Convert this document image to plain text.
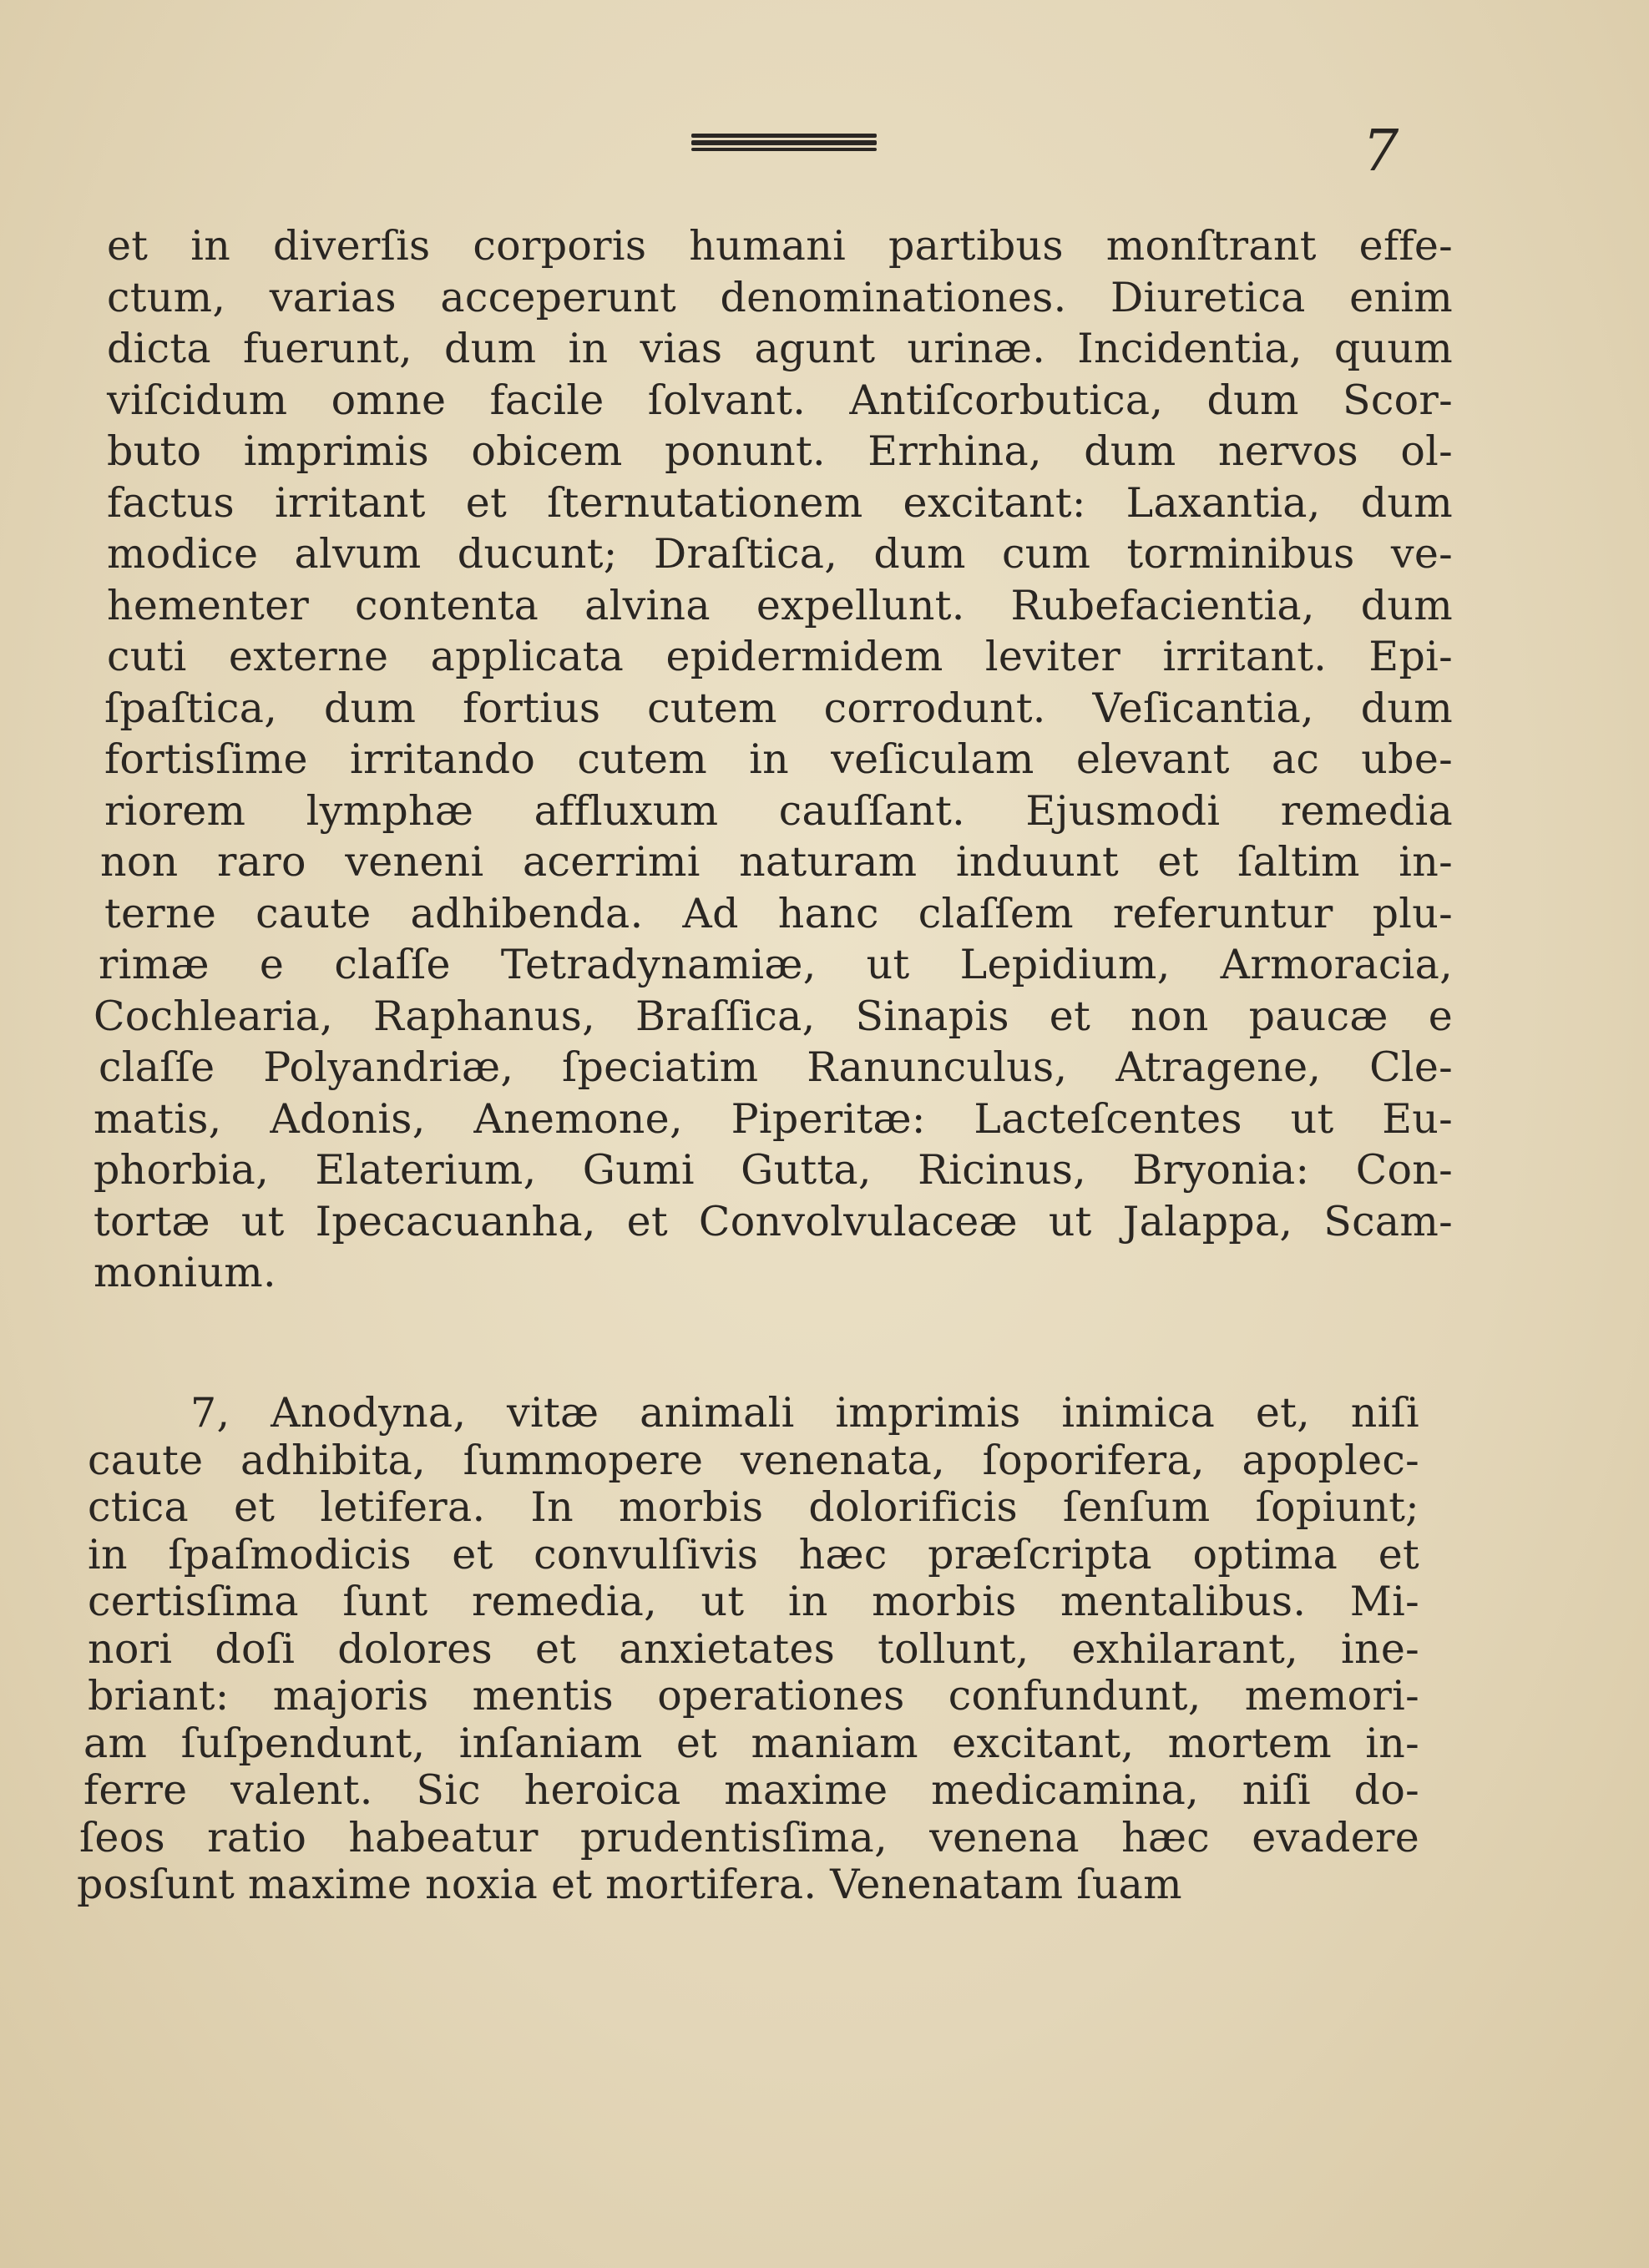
7
et in diverſis corporis humani partibus monſtrant effe-
ctum, varias acceperunt denominationes. Diuretica enim
dicta fuerunt, dum in vias agunt urinæ. Incidentia, quum
viſcidum omne facile ſolvant. Antiſcorbutica, dum Scor-
buto imprimis obicem ponunt. Errhina, dum nervos ol-
factus irritant et ſternutationem excitant: Laxantia, dum
modice alvum ducunt; Draſtica, dum cum torminibus ve-
hementer contenta alvina expellunt. Rubefacientia, dum
cuti externe applicata epidermidem leviter irritant. Epi-
ſpaſtica, dum fortius cutem corrodunt. Veſicantia, dum
fortisſime irritando cutem in veſiculam elevant ac ube-
riorem lymphæ affluxum cauſſant. Ejusmodi remedia
non raro veneni acerrimi naturam induunt et ſaltim in-
terne caute adhibenda. Ad hanc claſſem referuntur plu-
rimæ e claſſe Tetradynamiæ, ut Lepidium, Armoracia,
Cochlearia, Raphanus, Braſſica, Sinapis et non paucæ e
claſſe Polyandriæ, ſpeciatim Ranunculus, Atragene, Cle-
matis, Adonis, Anemone, Piperitæ: Lacteſcentes ut Eu-
phorbia, Elaterium, Gumi Gutta, Ricinus, Bryonia: Con-
tortæ ut Ipecacuanha, et Convolvulaceæ ut Jalappa, Scam-
monium.
7, Anodyna, vitæ animali imprimis inimica et, niſi
caute adhibita, ſummopere venenata, ſoporifera, apoplec-
ctica et letifera. In morbis dolorificis ſenſum ſopiunt;
in ſpaſmodicis et convulſivis hæc præſcripta optima et
certisſima ſunt remedia, ut in morbis mentalibus. Mi-
nori doſi dolores et anxietates tollunt, exhilarant, ine-
briant: majoris mentis operationes confundunt, memori-
am ſuſpendunt, inſaniam et maniam excitant, mortem in-
ferre valent. Sic heroica maxime medicamina, niſi do-
ſeos ratio habeatur prudentisſima, venena hæc evadere
posſunt maxime noxia et mortifera. Venenatam ſuam
